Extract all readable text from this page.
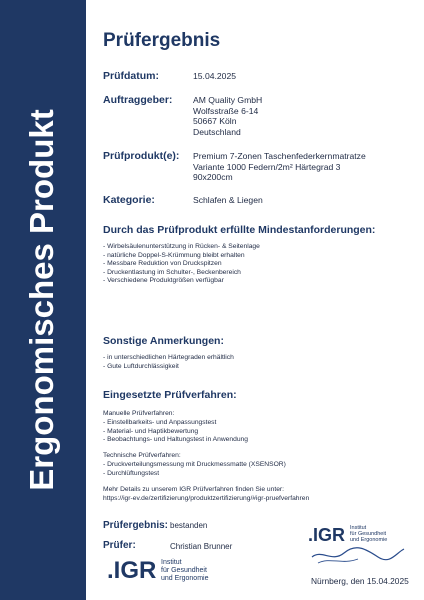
Ergonomisches Produkt
Prüfergebnis
Prüfdatum:	15.04.2025
Auftraggeber: AM Quality GmbH
Wolfsstraße 6-14
50667 Köln
Deutschland
Prüfprodukt(e): Premium 7-Zonen Taschenfederkernmatratze
Variante 1000 Federn/2m² Härtegrad 3
90x200cm
Kategorie:	Schlafen & Liegen
Durch das Prüfprodukt erfüllte Mindestanforderungen:
- Wirbelsäulenunterstützung in Rücken- & Seitenlage
- natürliche Doppel-S-Krümmung bleibt erhalten
- Messbare Reduktion von Druckspitzen
- Druckentlastung im Schulter-, Beckenbereich
- Verschiedene Produktgrößen verfügbar
Sonstige Anmerkungen:
- in unterschiedlichen Härtegraden erhältlich
- Gute Luftdurchlässigkeit
Eingesetzte Prüfverfahren:
Manuelle Prüfverfahren:
- Einstellbarkeits- und Anpassungstest
- Material- und Haptikbewertung
- Beobachtungs- und Haltungstest in Anwendung
Technische Prüfverfahren:
- Druckverteilungsmessung mit Druckmessmatte (XSENSOR)
- Durchlüftungstest
Mehr Details zu unserem IGR Prüfverfahren finden Sie unter:
https://igr-ev.de/zertifizierung/produktzertifizierung/#igr-pruefverfahren
Prüfergebnis: bestanden
Prüfer:	Christian Brunner
.IGR Institut
für Gesundheit
und Ergonomie
.IGR Institut
für Gesundheit
und Ergonomie	Nürnberg, den 15.04.2025
